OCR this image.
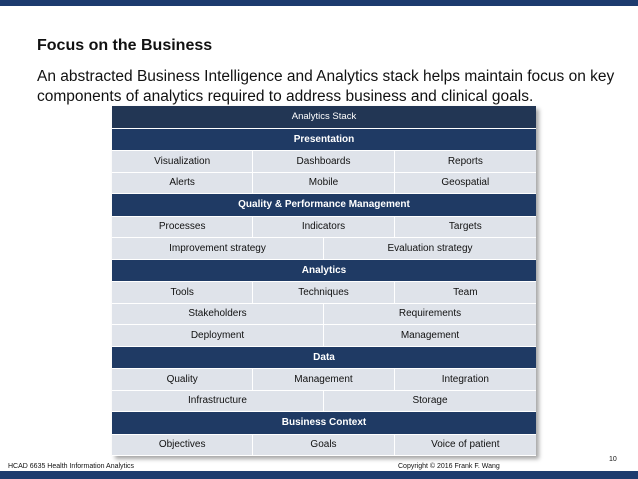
Focus on the Business
An abstracted Business Intelligence and Analytics stack helps maintain focus on key components of analytics required to address business and clinical goals.
Analytics Stack
Presentation
Visualization	Dashboards	Reports
Alerts	Mobile	Geospatial
Quality & Performance Management
Processes	Indicators	Targets
Improvement strategy	Evaluation strategy
Analytics
Tools	Techniques	Team
Stakeholders	Requirements
Deployment	Management
Data
Quality	Management	Integration
Infrastructure	Storage
Business Context
Objectives	Goals	Voice of patient
10
HCAD 6635 Health Information Analytics	Copyright © 2016 Frank F. Wang
